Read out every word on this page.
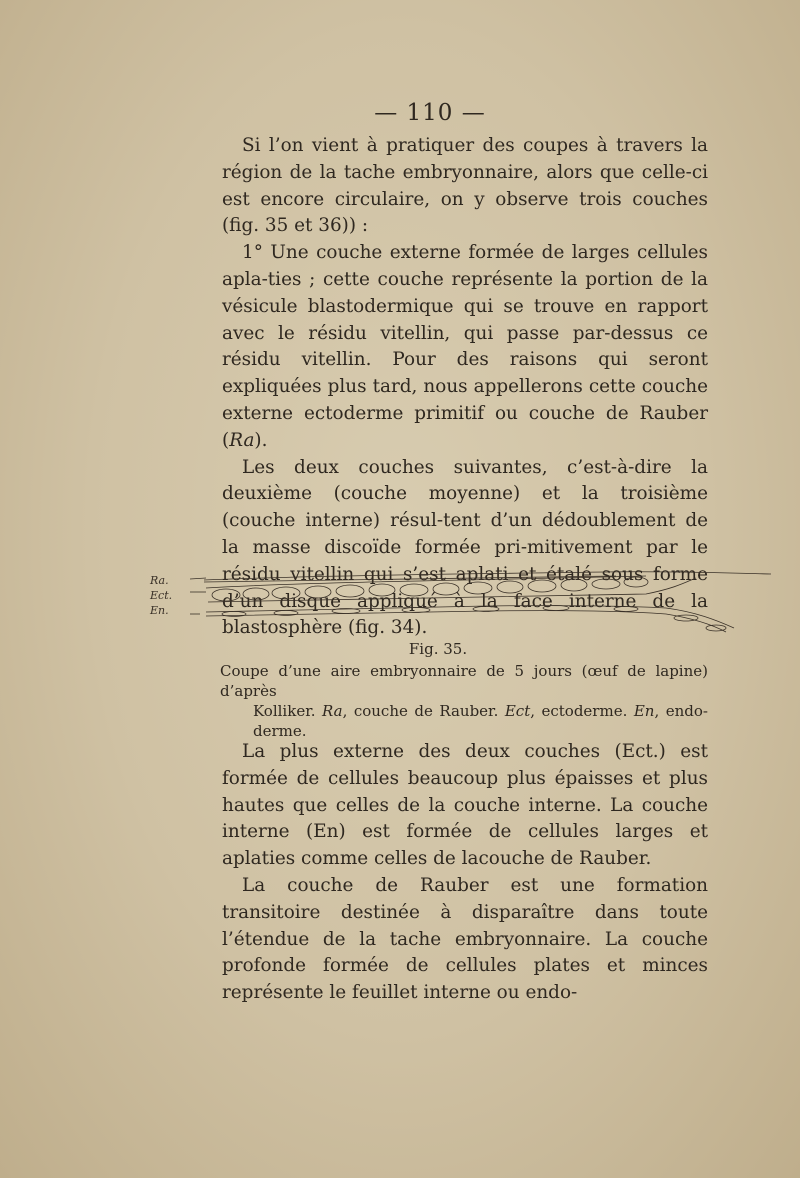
— 110 —

Si l’on vient à pratiquer des coupes à travers la région de la tache embryonnaire, alors que celle-ci est encore circulaire, on y observe trois couches (fig. 35 et 36)) :

1° Une couche externe formée de larges cellules apla-ties ; cette couche représente la portion de la vésicule blastodermique qui se trouve en rapport avec le résidu vitellin, qui passe par-dessus ce résidu vitellin. Pour des raisons qui seront expliquées plus tard, nous appellerons cette couche externe ectoderme primitif ou couche de Rauber (Ra).

Les deux couches suivantes, c’est-à-dire la deuxième (couche moyenne) et la troisième (couche interne) résul-tent d’un dédoublement de la masse discoïde formée pri-mitivement par le résidu vitellin qui s’est aplati et étalé sous forme d’un disque appliqué à la face interne de la blastosphère (fig. 34).

Ra.
Ect.
En.
Fig. 35.
Coupe d’une aire embryonnaire de 5 jours (œuf de lapine) d’après
Kolliker. Ra, couche de Rauber. Ect, ectoderme. En, endo-derme.

La plus externe des deux couches (Ect.) est formée de cellules beaucoup plus épaisses et plus hautes que celles de la couche interne. La couche interne (En) est formée de cellules larges et aplaties comme celles de lacouche de Rauber.

La couche de Rauber est une formation transitoire destinée à disparaître dans toute l’étendue de la tache embryonnaire. La couche profonde formée de cellules plates et minces représente le feuillet interne ou endo-
